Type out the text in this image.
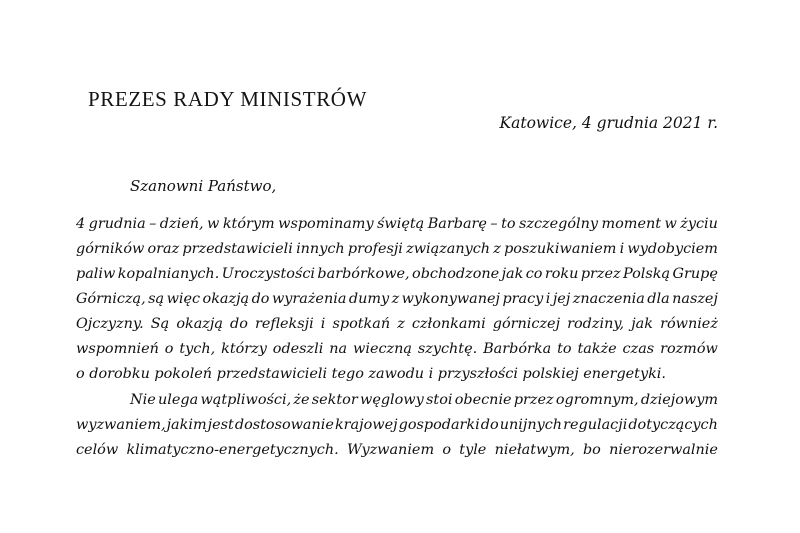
PREZES RADY MINISTRÓW
Katowice, 4 grudnia 2021 r.
Szanowni Państwo,
4 grudnia – dzień, w którym wspominamy świętą Barbarę – to szczególny moment w życiu
górników oraz przedstawicieli innych profesji związanych z poszukiwaniem i wydobyciem
paliw kopalnianych. Uroczystości barbórkowe, obchodzone jak co roku przez Polską Grupę
Górniczą, są więc okazją do wyrażenia dumy z wykonywanej pracy i jej znaczenia dla naszej
Ojczyzny. Są okazją do refleksji i spotkań z członkami górniczej rodziny, jak również
wspomnień o tych, którzy odeszli na wieczną szychtę. Barbórka to także czas rozmów
o dorobku pokoleń przedstawicieli tego zawodu i przyszłości polskiej energetyki.
Nie ulega wątpliwości, że sektor węglowy stoi obecnie przez ogromnym, dziejowym
wyzwaniem, jakim jest dostosowanie krajowej gospodarki do unijnych regulacji dotyczących
celów klimatyczno-energetycznych. Wyzwaniem o tyle niełatwym, bo nierozerwalnie
